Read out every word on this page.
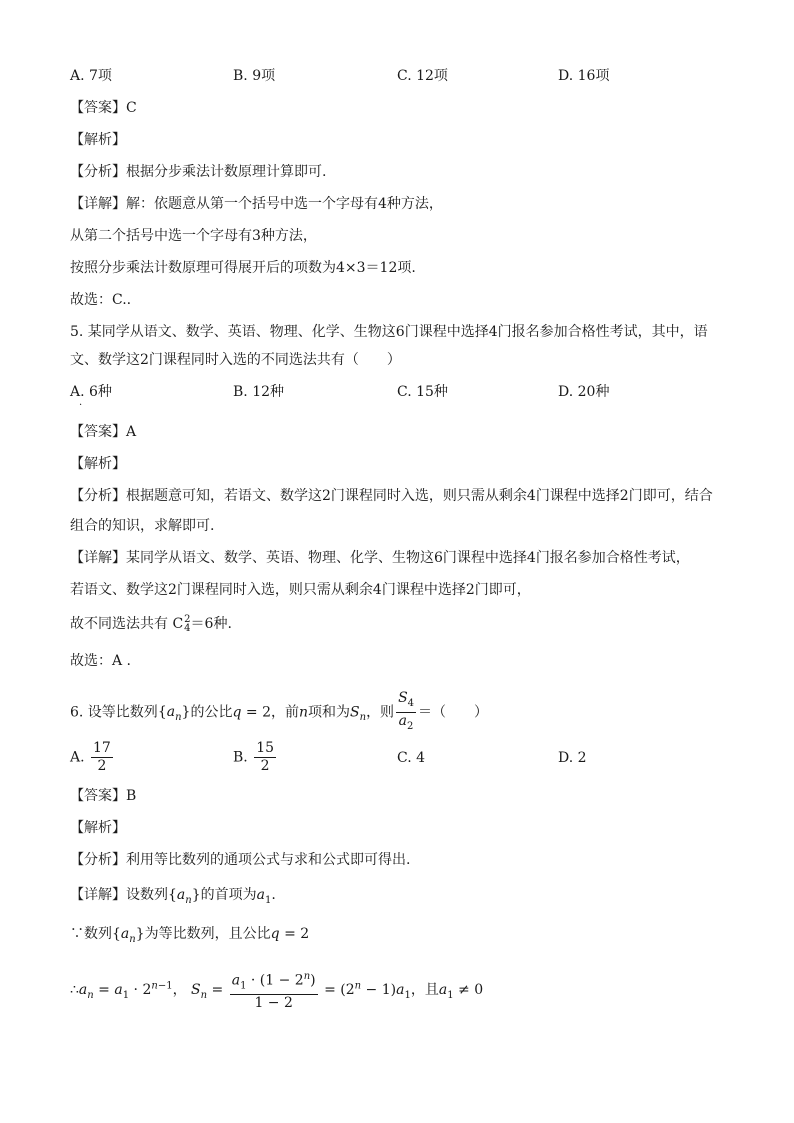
A. 7项	B. 9项	C. 12项	D. 16项
【答案】C
【解析】
【分析】根据分步乘法计数原理计算即可.
【详解】解：依题意从第一个括号中选一个字母有4种方法，
从第二个括号中选一个字母有3种方法，
按照分步乘法计数原理可得展开后的项数为4×3＝12项.
故选：C..
5. 某同学从语文、数学、英语、物理、化学、生物这6门课程中选择4门报名参加合格性考试，其中，语
文、数学这2门课程同时入选的不同选法共有（　　）
A. 6种
.
B. 12种	C. 15种	D. 20种
【答案】A
【解析】
【分析】根据题意可知，若语文、数学这2门课程同时入选，则只需从剩余4门课程中选择2门即可，结合
组合的知识，求解即可.
【详解】某同学从语文、数学、英语、物理、化学、生物这6门课程中选择4门报名参加合格性考试，
若语文、数学这2门课程同时入选，则只需从剩余4门课程中选择2门即可，
故不同选法共有 C 2
4 ＝6种.
故选：A .
6. 设等比数列$\{a_n\}$的公比q = 2，前n项和为$S_n$，则 $\frac{S_4}{a_2}$ ＝（　　）
A. $\frac{17}{2}$	B. $\frac{15}{2}$	C. 4	D. 2
【答案】B
【解析】
【分析】利用等比数列的通项公式与求和公式即可得出.
【详解】设数列$\{a_n\}$的首项为$a_1$.
∵数列$\{a_n\}$为等比数列，且公比q = 2
$\therefore a_n = a_1 \cdot 2^{n-1}$， $S_n = \frac{a_1 \cdot (1 - 2^n)}{1 - 2} = (2^n - 1)a_1$，且$a_1 \ne 0$
